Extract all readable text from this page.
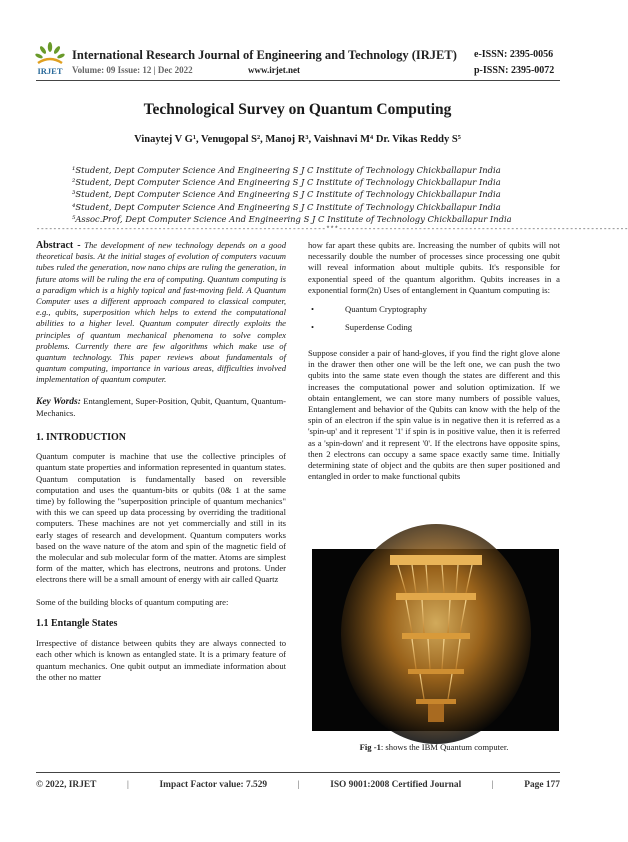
IRJET
International Research Journal of Engineering and Technology (IRJET) e-ISSN: 2395-0056
Volume: 09 Issue: 12 | Dec 2022	www.irjet.net	p-ISSN: 2395-0072
Technological Survey on Quantum Computing
Vinaytej V G¹, Venugopal S², Manoj R³, Vaishnavi M⁴ Dr. Vikas Reddy S⁵
¹Student, Dept Computer Science And Engineering S J C Institute of Technology Chickballapur India
²Student, Dept Computer Science And Engineering S J C Institute of Technology Chickballapur India
³Student, Dept Computer Science And Engineering S J C Institute of Technology Chickballapur India
⁴Student, Dept Computer Science And Engineering S J C Institute of Technology Chickballapur India
⁵Assoc.Prof, Dept Computer Science And Engineering S J C Institute of Technology Chickballapur India
---------------------------------------------------------------------***---------------------------------------------------------------------

Abstract - The development of new technology depends on a good theoretical basis. At the initial stages of evolution of computers vacuum tubes ruled the generation, now nano chips are ruling the generation, in future atoms will be ruling the era of computing. Quantum computing is a paradigm which is a highly topical and fast-moving field. A Quantum Computer uses a different approach compared to classical computer, e.g., qubits, superposition which helps to extend the computational abilities to a higher level. Quantum computer directly exploits the principles of quantum mechanical phenomena to solve complex problems. Currently there are few algorithms which make use of quantum technology. This paper reviews about fundamentals of quantum computing, importance in various areas, difficulties involved implementation of quantum computer.

Key Words: Entanglement, Super-Position, Qubit, Quantum, Quantum-Mechanics.

1. INTRODUCTION

Quantum computer is machine that use the collective principles of quantum state properties and information represented in quantum states. Quantum computation is fundamentally based on reversible computation and uses the quantum-bits or qubits (0& 1 at the same time) by following the "superposition principle of quantum mechanics" with this we can speed up data processing by overriding the traditional computers. These machines are not yet commercially and still in its early stages of research and development. Quantum computers works based on the wave nature of the atom and spin of the magnetic field of the molecular and sub molecular form of the matter. Atoms are simplest form of the matter, which has electrons, neutrons and protons. Under electrons there will be a small amount of energy with air called Quartz

Some of the building blocks of quantum computing are:

1.1 Entangle States

Irrespective of distance between qubits they are always connected to each other which is known as entangled state. It is a primary feature of quantum mechanics. One qubit output an immediate information about the other no matter

how far apart these qubits are. Increasing the number of qubits will not necessarily double the number of processes since processing one qubit will reveal information about multiple qubits. It's responsible for exponential speed of the quantum algorithm. Qubits increases in a exponential form(2n) Uses of entanglement in Quantum computing is:

• Quantum Cryptography
• Superdense Coding

Suppose consider a pair of hand-gloves, if you find the right glove alone in the drawer then other one will be the left one, we can push the two qubits into the same state even though the states are different and this increases the computational power and solution optimization. If we obtain entanglement, we can store many numbers of possible values, Entanglement and behavior of the Qubits can know with the help of the spin of an electron if the spin value is in negative then it is referred as a 'spin-up' and it represent '1' if spin is in positive value, then it is referred as a 'spin-down' and it represent '0'. If the electrons have opposite spins, then 2 electrons can occupy a same space exactly same time. Initially determining state of object and the qubits are then super positioned and entangled in order to make functional qubits

Fig -1: shows the IBM Quantum computer.
© 2022, IRJET	|	Impact Factor value: 7.529	|	ISO 9001:2008 Certified Journal	|	Page 177
